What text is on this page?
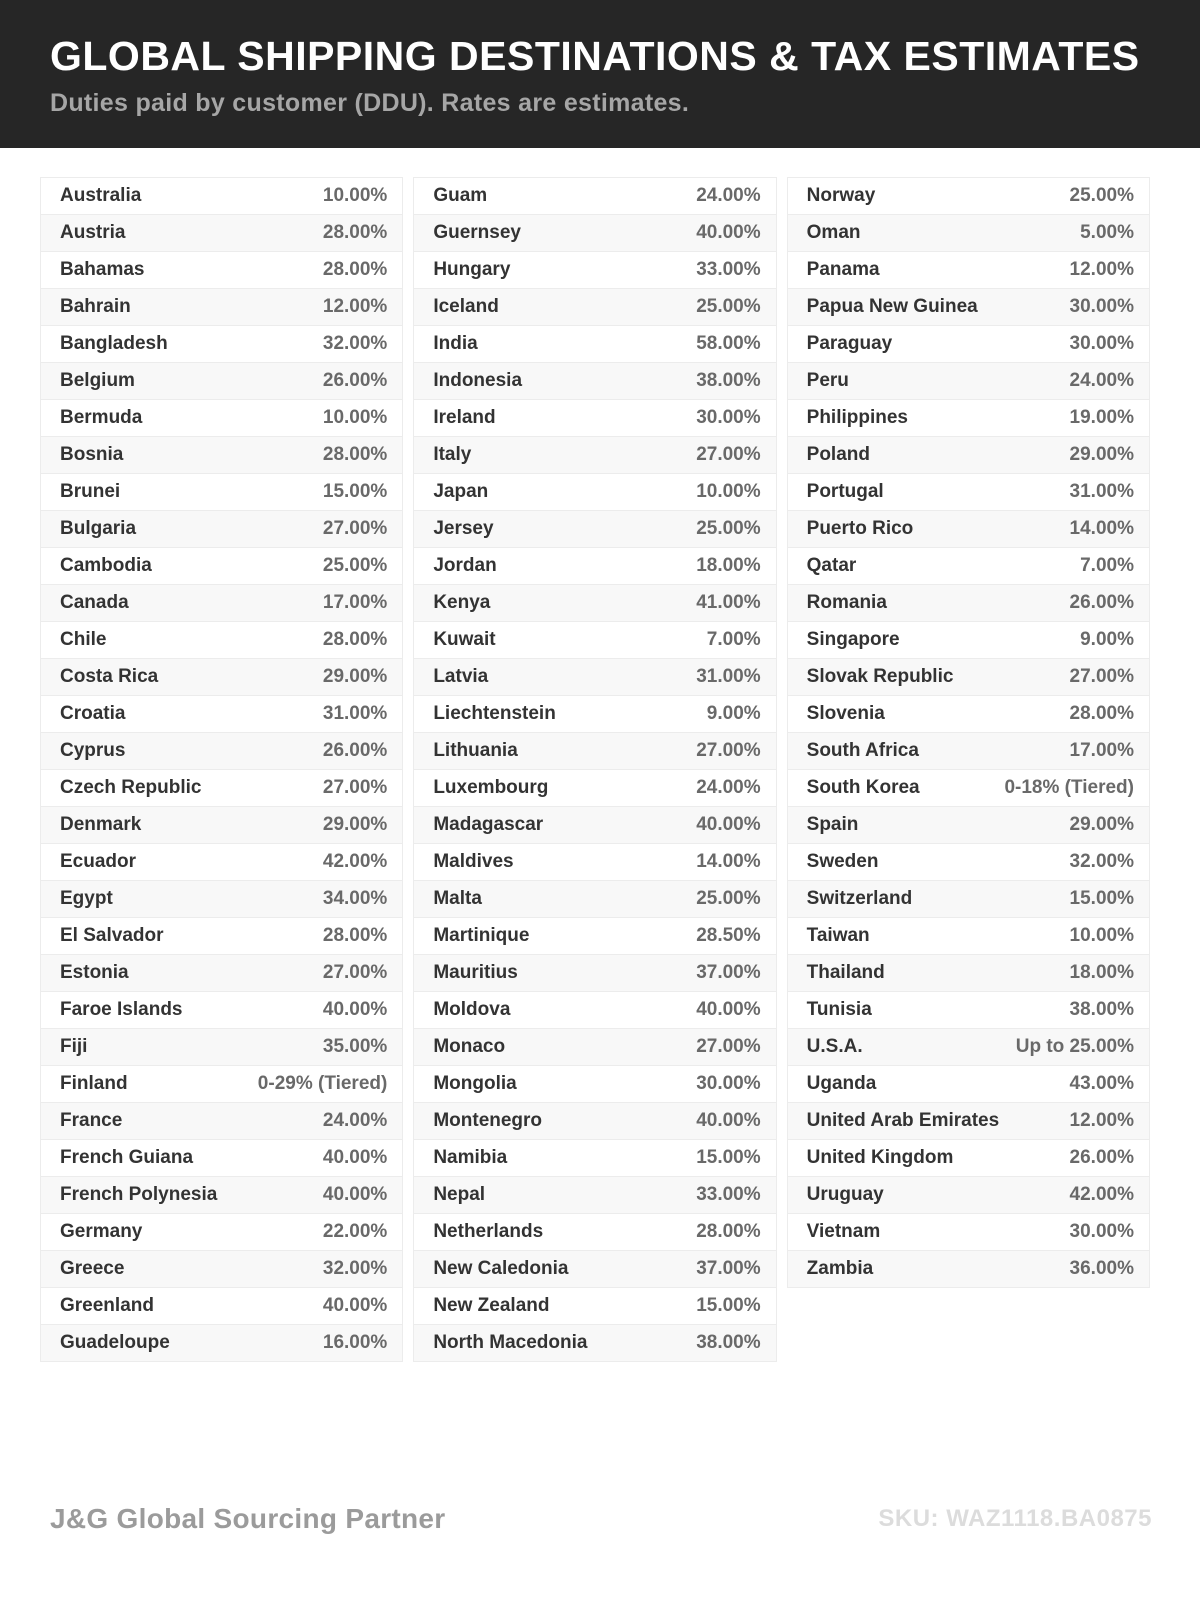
GLOBAL SHIPPING DESTINATIONS & TAX ESTIMATES
Duties paid by customer (DDU). Rates are estimates.
Australia	10.00%
Austria	28.00%
Bahamas	28.00%
Bahrain	12.00%
Bangladesh	32.00%
Belgium	26.00%
Bermuda	10.00%
Bosnia	28.00%
Brunei	15.00%
Bulgaria	27.00%
Cambodia	25.00%
Canada	17.00%
Chile	28.00%
Costa Rica	29.00%
Croatia	31.00%
Cyprus	26.00%
Czech Republic	27.00%
Denmark	29.00%
Ecuador	42.00%
Egypt	34.00%
El Salvador	28.00%
Estonia	27.00%
Faroe Islands	40.00%
Fiji	35.00%
Finland	0-29% (Tiered)
France	24.00%
French Guiana	40.00%
French Polynesia	40.00%
Germany	22.00%
Greece	32.00%
Greenland	40.00%
Guadeloupe	16.00%
Guam	24.00%
Guernsey	40.00%
Hungary	33.00%
Iceland	25.00%
India	58.00%
Indonesia	38.00%
Ireland	30.00%
Italy	27.00%
Japan	10.00%
Jersey	25.00%
Jordan	18.00%
Kenya	41.00%
Kuwait	7.00%
Latvia	31.00%
Liechtenstein	9.00%
Lithuania	27.00%
Luxembourg	24.00%
Madagascar	40.00%
Maldives	14.00%
Malta	25.00%
Martinique	28.50%
Mauritius	37.00%
Moldova	40.00%
Monaco	27.00%
Mongolia	30.00%
Montenegro	40.00%
Namibia	15.00%
Nepal	33.00%
Netherlands	28.00%
New Caledonia	37.00%
New Zealand	15.00%
North Macedonia	38.00%
Norway	25.00%
Oman	5.00%
Panama	12.00%
Papua New Guinea	30.00%
Paraguay	30.00%
Peru	24.00%
Philippines	19.00%
Poland	29.00%
Portugal	31.00%
Puerto Rico	14.00%
Qatar	7.00%
Romania	26.00%
Singapore	9.00%
Slovak Republic	27.00%
Slovenia	28.00%
South Africa	17.00%
South Korea	0-18% (Tiered)
Spain	29.00%
Sweden	32.00%
Switzerland	15.00%
Taiwan	10.00%
Thailand	18.00%
Tunisia	38.00%
U.S.A.	Up to 25.00%
Uganda	43.00%
United Arab Emirates	12.00%
United Kingdom	26.00%
Uruguay	42.00%
Vietnam	30.00%
Zambia	36.00%
J&G Global Sourcing Partner	SKU: WAZ1118.BA0875
